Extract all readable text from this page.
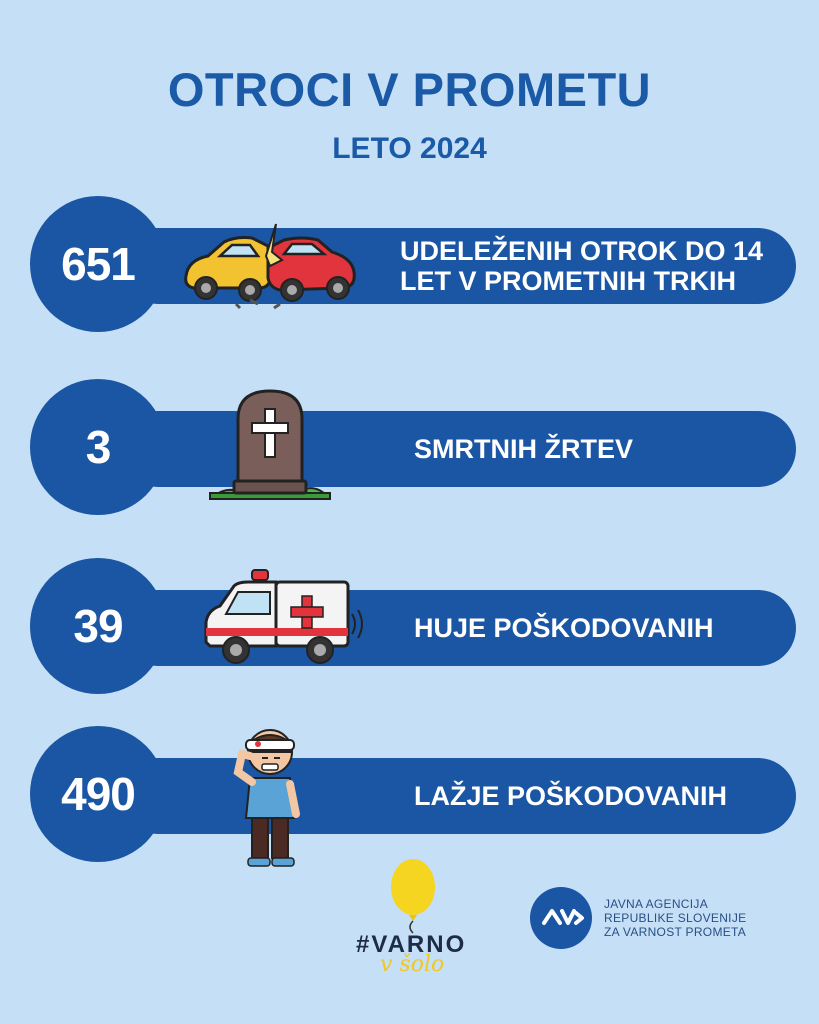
OTROCI V PROMETU
LETO 2024
651	UDELEŽENIH OTROK DO 14 LET V PROMETNIH TRKIH
3	SMRTNIH ŽRTEV
39	HUJE POŠKODOVANIH
490	LAŽJE POŠKODOVANIH
#VARNO
v šolo
JAVNA AGENCIJA
REPUBLIKE SLOVENIJE
ZA VARNOST PROMETA
